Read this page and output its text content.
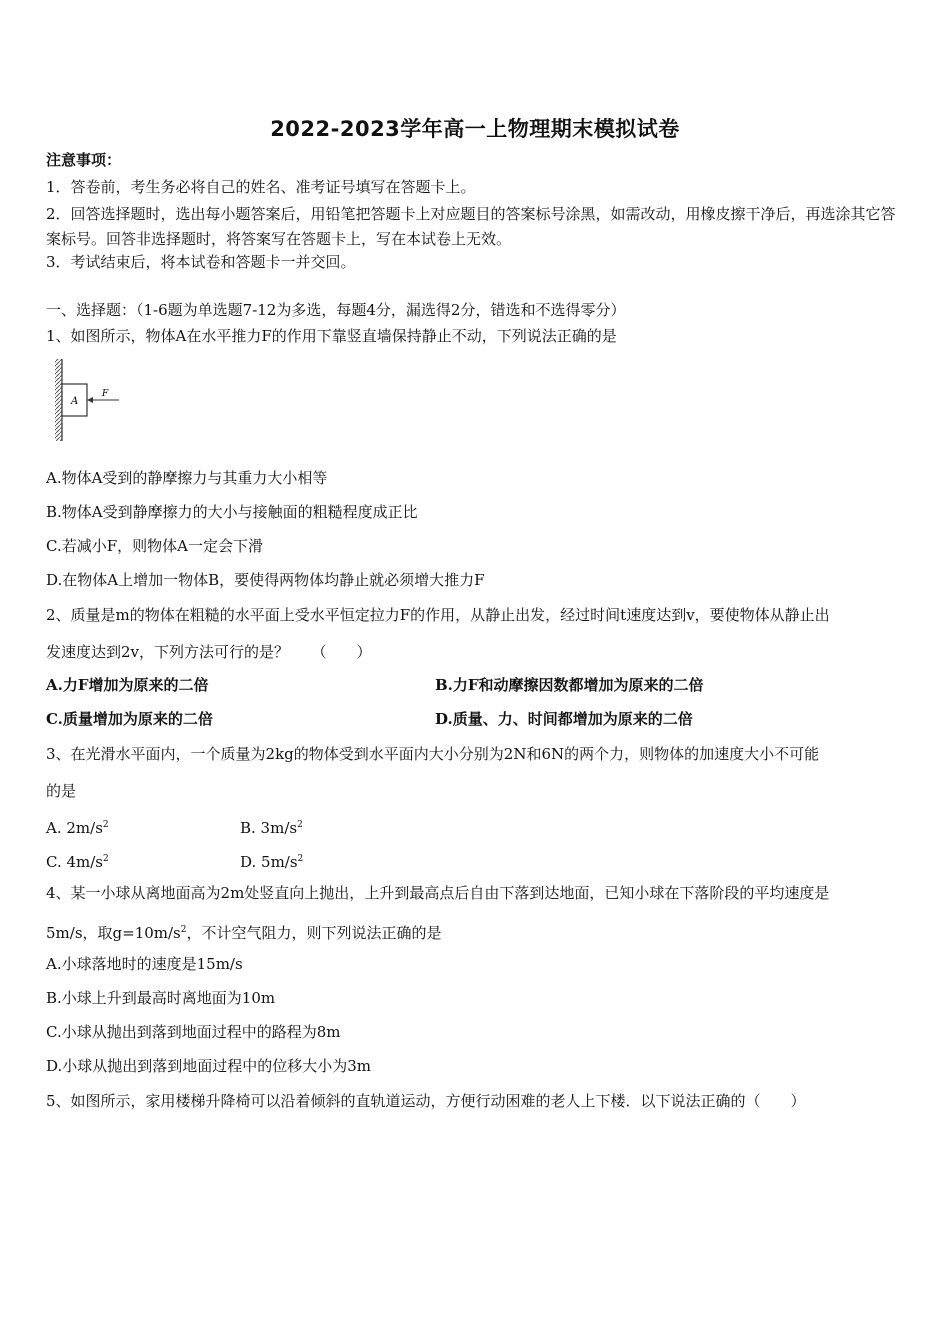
2022-2023学年高一上物理期末模拟试卷
注意事项：
1．答卷前，考生务必将自己的姓名、准考证号填写在答题卡上。
2．回答选择题时，选出每小题答案后，用铅笔把答题卡上对应题目的答案标号涂黑，如需改动，用橡皮擦干净后，再选涂其它答案标号。回答非选择题时，将答案写在答题卡上，写在本试卷上无效。
3．考试结束后，将本试卷和答题卡一并交回。
一、选择题：（1-6题为单选题7-12为多选，每题4分，漏选得2分，错选和不选得零分）
1、如图所示，物体A在水平推力F的作用下靠竖直墙保持静止不动，下列说法正确的是
A
F
A.物体A受到的静摩擦力与其重力大小相等
B.物体A受到静摩擦力的大小与接触面的粗糙程度成正比
C.若减小F，则物体A一定会下滑
D.在物体A上增加一物体B，要使得两物体均静止就必须增大推力F
2、质量是m的物体在粗糙的水平面上受水平恒定拉力F的作用，从静止出发，经过时间t速度达到v，要使物体从静止出
发速度达到2v，下列方法可行的是？　　（　　）
A.力F增加为原来的二倍	B.力F和动摩擦因数都增加为原来的二倍
C.质量增加为原来的二倍	D.质量、力、时间都增加为原来的二倍
3、在光滑水平面内，一个质量为2kg的物体受到水平面内大小分别为2N和6N的两个力，则物体的加速度大小不可能
的是
A. $2m/s^2$	B. $3m/s^2$
C. $4m/s^2$	D. $5m/s^2$
4、某一小球从离地面高为2m处竖直向上抛出，上升到最高点后自由下落到达地面，已知小球在下落阶段的平均速度是
5m/s，取$g=10m/s^2$，不计空气阻力，则下列说法正确的是
A.小球落地时的速度是15m/s
B.小球上升到最高时离地面为10m
C.小球从抛出到落到地面过程中的路程为8m
D.小球从抛出到落到地面过程中的位移大小为3m
5、如图所示，家用楼梯升降椅可以沿着倾斜的直轨道运动，方便行动困难的老人上下楼．以下说法正确的（　　）
